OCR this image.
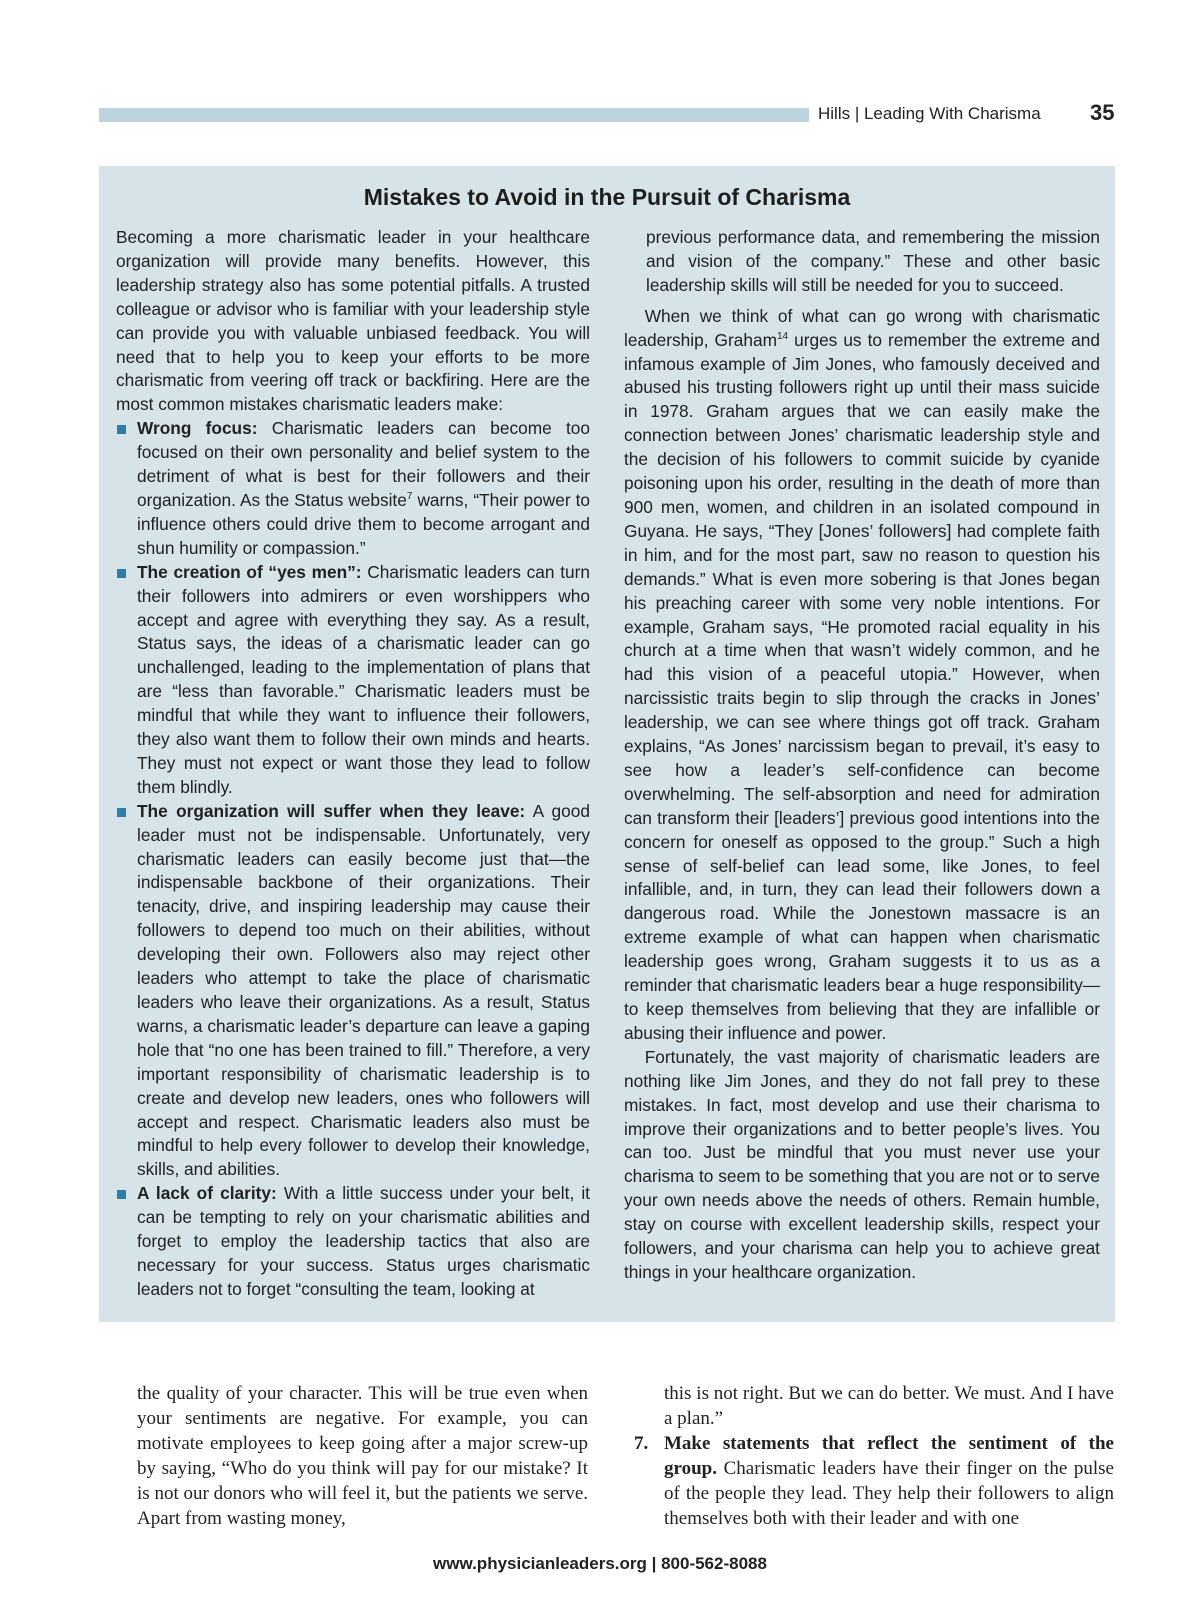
Hills | Leading With Charisma 35
Mistakes to Avoid in the Pursuit of Charisma

Becoming a more charismatic leader in your healthcare organization will provide many benefits. However, this leadership strategy also has some potential pitfalls. A trusted colleague or advisor who is familiar with your leadership style can provide you with valuable unbiased feedback. You will need that to help you to keep your efforts to be more charismatic from veering off track or backfiring. Here are the most common mistakes charismatic leaders make:

Wrong focus: Charismatic leaders can become too focused on their own personality and belief system to the detriment of what is best for their followers and their organization. As the Status website$^7$ warns, “Their power to influence others could drive them to become arrogant and shun humility or compassion.”
The creation of “yes men”: Charismatic leaders can turn their followers into admirers or even worshippers who accept and agree with everything they say. As a result, Status says, the ideas of a charismatic leader can go unchallenged, leading to the implementation of plans that are “less than favorable.” Charismatic leaders must be mindful that while they want to influence their followers, they also want them to follow their own minds and hearts. They must not expect or want those they lead to follow them blindly.
The organization will suffer when they leave: A good leader must not be indispensable. Unfortunately, very charismatic leaders can easily become just that—the indispensable backbone of their organizations. Their tenacity, drive, and inspiring leadership may cause their followers to depend too much on their abilities, without developing their own. Followers also may reject other leaders who attempt to take the place of charismatic leaders who leave their organizations. As a result, Status warns, a charismatic leader’s departure can leave a gaping hole that “no one has been trained to fill.” Therefore, a very important responsibility of charismatic leadership is to create and develop new leaders, ones who followers will accept and respect. Charismatic leaders also must be mindful to help every follower to develop their knowledge, skills, and abilities.
A lack of clarity: With a little success under your belt, it can be tempting to rely on your charismatic abilities and forget to employ the leadership tactics that also are necessary for your success. Status urges charismatic leaders not to forget “consulting the team, looking at

previous performance data, and remembering the mission and vision of the company.” These and other basic leadership skills will still be needed for you to succeed.

When we think of what can go wrong with charismatic leadership, Graham$^{14}$ urges us to remember the extreme and infamous example of Jim Jones, who famously deceived and abused his trusting followers right up until their mass suicide in 1978. Graham argues that we can easily make the connection between Jones’ charismatic leadership style and the decision of his followers to commit suicide by cyanide poisoning upon his order, resulting in the death of more than 900 men, women, and children in an isolated compound in Guyana. He says, “They [Jones’ followers] had complete faith in him, and for the most part, saw no reason to question his demands.” What is even more sobering is that Jones began his preaching career with some very noble intentions. For example, Graham says, “He promoted racial equality in his church at a time when that wasn’t widely common, and he had this vision of a peaceful utopia.” However, when narcissistic traits begin to slip through the cracks in Jones’ leadership, we can see where things got off track. Graham explains, “As Jones’ narcissism began to prevail, it’s easy to see how a leader’s self-confidence can become overwhelming. The self-absorption and need for admiration can transform their [leaders’] previous good intentions into the concern for oneself as opposed to the group.” Such a high sense of self-belief can lead some, like Jones, to feel infallible, and, in turn, they can lead their followers down a dangerous road. While the Jonestown massacre is an extreme example of what can happen when charismatic leadership goes wrong, Graham suggests it to us as a reminder that charismatic leaders bear a huge responsibility—to keep themselves from believing that they are infallible or abusing their influence and power.

Fortunately, the vast majority of charismatic leaders are nothing like Jim Jones, and they do not fall prey to these mistakes. In fact, most develop and use their charisma to improve their organizations and to better people’s lives. You can too. Just be mindful that you must never use your charisma to seem to be something that you are not or to serve your own needs above the needs of others. Remain humble, stay on course with excellent leadership skills, respect your followers, and your charisma can help you to achieve great things in your healthcare organization.

the quality of your character. This will be true even when your sentiments are negative. For example, you can motivate employees to keep going after a major screw-up by saying, “Who do you think will pay for our mistake? It is not our donors who will feel it, but the patients we serve. Apart from wasting money,

this is not right. But we can do better. We must. And I have a plan.”

7. Make statements that reflect the sentiment of the group. Charismatic leaders have their finger on the pulse of the people they lead. They help their followers to align themselves both with their leader and with one
www.physicianleaders.org | 800-562-8088
